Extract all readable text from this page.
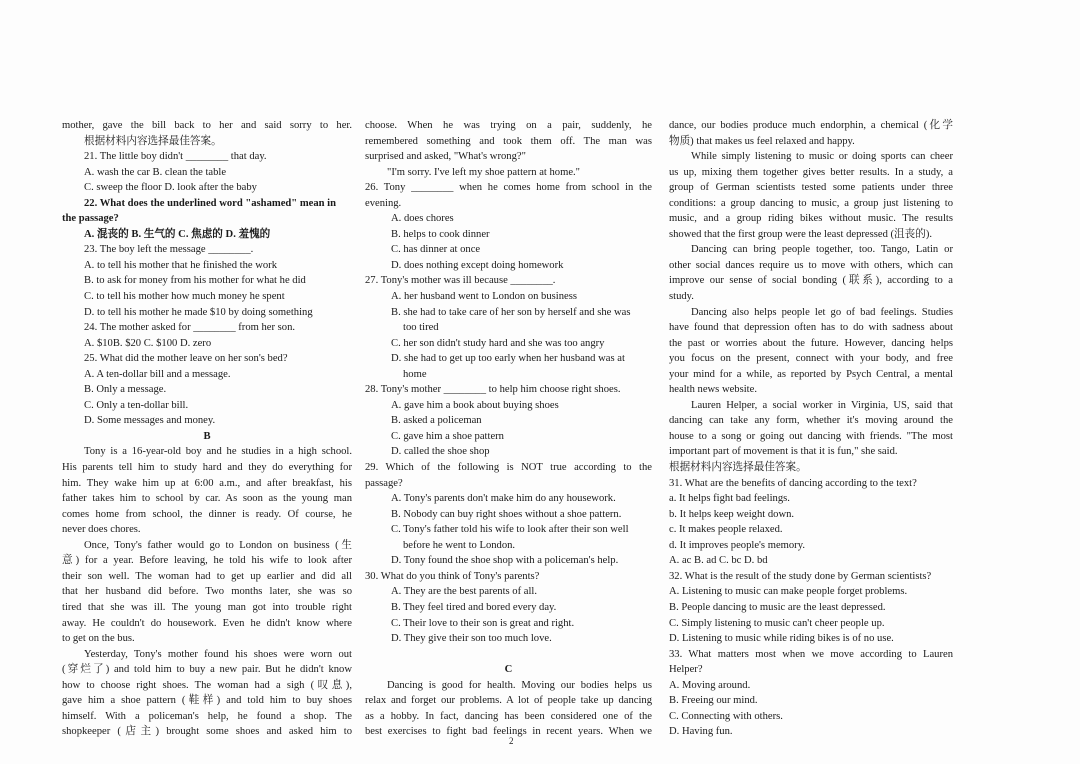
mother, gave the bill back to her and said sorry to her.
根据材料内容选择最佳答案。
21. The little boy didn't ________ that day.
A. wash the car B. clean the table
C. sweep the floor D. look after the baby
22. What does the underlined word "ashamed" mean in
the passage?
A. 混丧的 B. 生气的 C. 焦虑的 D. 羞愧的
23. The boy left the message ________.
A. to tell his mother that he finished the work
B. to ask for money from his mother for what he did
C. to tell his mother how much money he spent
D. to tell his mother he made $10 by doing something
24. The mother asked for ________ from her son.
A. $10B. $20 C. $100 D. zero
25. What did the mother leave on her son's bed?
A. A ten-dollar bill and a message.
B. Only a message.
C. Only a ten-dollar bill.
D. Some messages and money.
B
Tony is a 16-year-old boy and he studies in a high school.
His parents tell him to study hard and they do everything for
him. They wake him up at 6:00 a.m., and after breakfast, his
father takes him to school by car. As soon as the young man
comes home from school, the dinner is ready. Of course, he
never does chores.
Once, Tony's father would go to London on business (生
意) for a year. Before leaving, he told his wife to look after
their son well. The woman had to get up earlier and did all
that her husband did before. Two months later, she was so
tired that she was ill. The young man got into trouble right
away. He couldn't do housework. Even he didn't know where
to get on the bus.
Yesterday, Tony's mother found his shoes were worn out
(穿烂了) and told him to buy a new pair. But he didn't know
how to choose right shoes. The woman had a sigh (叹息),
gave him a shoe pattern (鞋样) and told him to buy shoes
himself. With a policeman's help, he found a shop. The
shopkeeper (店主) brought some shoes and asked him to
choose. When he was trying on a pair, suddenly, he
remembered something and took them off. The man was
surprised and asked, "What's wrong?"
"I'm sorry. I've left my shoe pattern at home."
26. Tony ________ when he comes home from school in the
evening.
A. does chores
B. helps to cook dinner
C. has dinner at once
D. does nothing except doing homework
27. Tony's mother was ill because ________.
A. her husband went to London on business
B. she had to take care of her son by herself and she was
too tired
C. her son didn't study hard and she was too angry
D. she had to get up too early when her husband was at
home
28. Tony's mother ________ to help him choose right shoes.
A. gave him a book about buying shoes
B. asked a policeman
C. gave him a shoe pattern
D. called the shoe shop
29. Which of the following is NOT true according to the
passage?
A. Tony's parents don't make him do any housework.
B. Nobody can buy right shoes without a shoe pattern.
C. Tony's father told his wife to look after their son well
before he went to London.
D. Tony found the shoe shop with a policeman's help.
30. What do you think of Tony's parents?
A. They are the best parents of all.
B. They feel tired and bored every day.
C. Their love to their son is great and right.
D. They give their son too much love.
C
Dancing is good for health. Moving our bodies helps us
relax and forget our problems. A lot of people take up dancing
as a hobby. In fact, dancing has been considered one of the
best exercises to fight bad feelings in recent years. When we
dance, our bodies produce much endorphin, a chemical (化学
物质) that makes us feel relaxed and happy.
While simply listening to music or doing sports can cheer
us up, mixing them together gives better results. In a study, a
group of German scientists tested some patients under three
conditions: a group dancing to music, a group just listening to
music, and a group riding bikes without music. The results
showed that the first group were the least depressed (沮丧的).
Dancing can bring people together, too. Tango, Latin or
other social dances require us to move with others, which can
improve our sense of social bonding (联系), according to a
study.
Dancing also helps people let go of bad feelings. Studies
have found that depression often has to do with sadness about
the past or worries about the future. However, dancing helps
you focus on the present, connect with your body, and free
your mind for a while, as reported by Psych Central, a mental
health news website.
Lauren Helper, a social worker in Virginia, US, said that
dancing can take any form, whether it's moving around the
house to a song or going out dancing with friends. "The most
important part of movement is that it is fun," she said.
根据材料内容选择最佳答案。
31. What are the benefits of dancing according to the text?
a. It helps fight bad feelings.
b. It helps keep weight down.
c. It makes people relaxed.
d. It improves people's memory.
A. ac B. ad C. bc D. bd
32. What is the result of the study done by German scientists?
A. Listening to music can make people forget problems.
B. People dancing to music are the least depressed.
C. Simply listening to music can't cheer people up.
D. Listening to music while riding bikes is of no use.
33. What matters most when we move according to Lauren
Helper?
A. Moving around.
B. Freeing our mind.
C. Connecting with others.
D. Having fun.
2
